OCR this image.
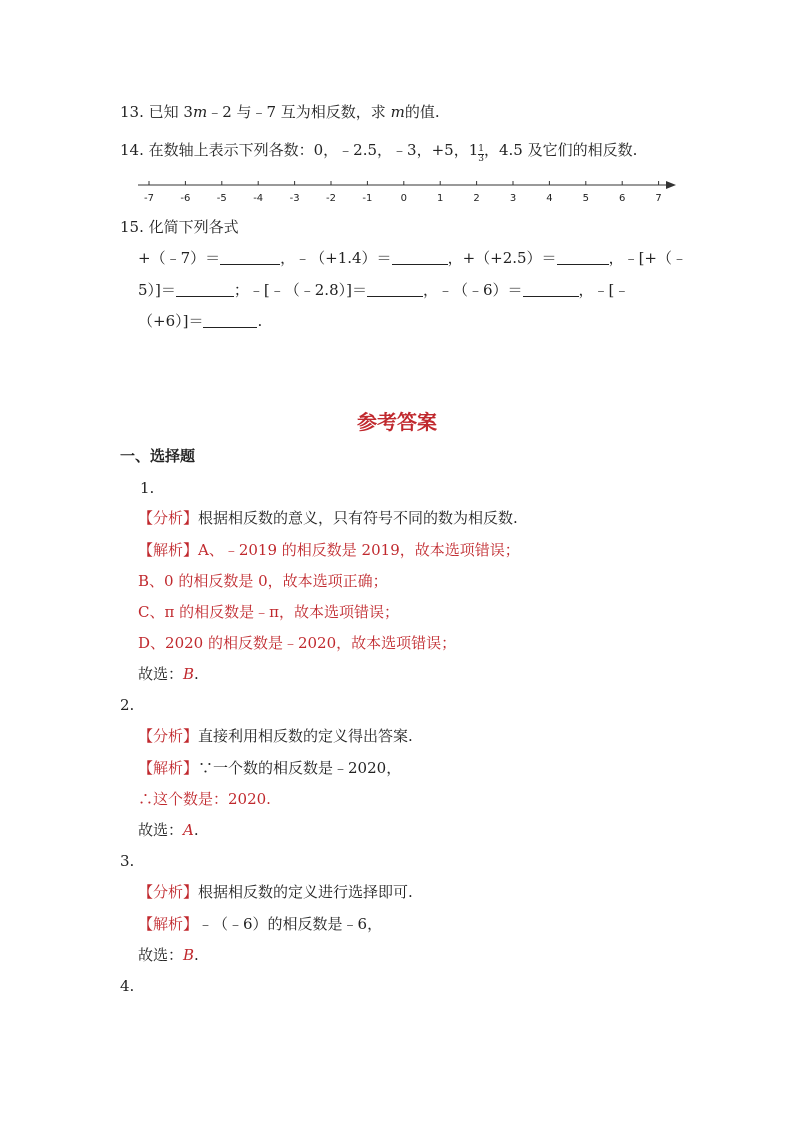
13. 已知 3m﹣2 与﹣7 互为相反数，求 m的值.
14. 在数轴上表示下列各数：0，﹣2.5，﹣3，+5，$1 \frac{1}{3}$ ，4.5 及它们的相反数.
-7	-6	-5	-4	-3	-2	-1	0	1	2	3	4	5	6	7
15. 化简下列各式
+（﹣7）＝	，﹣（+1.4）＝	，+（+2.5）＝	，﹣[+（﹣
5）]＝	；﹣[﹣（﹣2.8）]＝	，﹣（﹣6）＝	，﹣[﹣
（+6）]＝	.
参考答案
一、选择题
1.
【分析】根据相反数的意义，只有符号不同的数为相反数.
【解析】A、﹣2019 的相反数是 2019，故本选项错误；
B、0 的相反数是 0，故本选项正确；
C、π 的相反数是﹣π，故本选项错误；
D、2020 的相反数是﹣2020，故本选项错误；
故选：B.
2.
【分析】直接利用相反数的定义得出答案.
【解析】∵一个数的相反数是﹣2020，
∴这个数是：2020.
故选：A.
3.
【分析】根据相反数的定义进行选择即可.
【解析】﹣（﹣6）的相反数是﹣6，
故选：B.
4.
